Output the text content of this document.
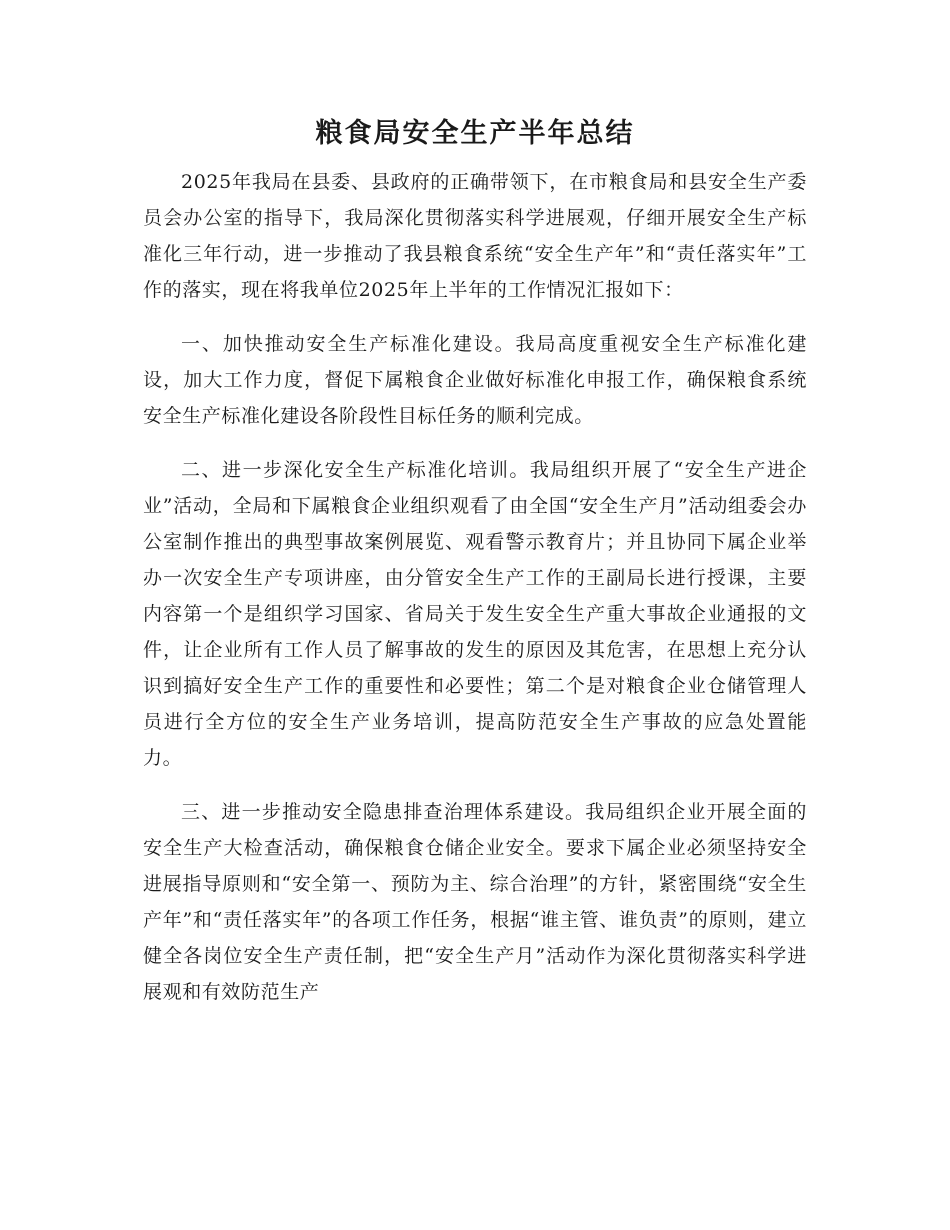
粮食局安全生产半年总结

2025年我局在县委、县政府的正确带领下，在市粮食局和县安全生产委员会办公室的指导下，我局深化贯彻落实科学进展观，仔细开展安全生产标准化三年行动，进一步推动了我县粮食系统“安全生产年”和“责任落实年”工作的落实，现在将我单位2025年上半年的工作情况汇报如下：

一、加快推动安全生产标准化建设。我局高度重视安全生产标准化建设，加大工作力度，督促下属粮食企业做好标准化申报工作，确保粮食系统安全生产标准化建设各阶段性目标任务的顺利完成。

二、进一步深化安全生产标准化培训。我局组织开展了“安全生产进企业”活动，全局和下属粮食企业组织观看了由全国“安全生产月”活动组委会办公室制作推出的典型事故案例展览、观看警示教育片；并且协同下属企业举办一次安全生产专项讲座，由分管安全生产工作的王副局长进行授课，主要内容第一个是组织学习国家、省局关于发生安全生产重大事故企业通报的文件，让企业所有工作人员了解事故的发生的原因及其危害，在思想上充分认识到搞好安全生产工作的重要性和必要性；第二个是对粮食企业仓储管理人员进行全方位的安全生产业务培训，提高防范安全生产事故的应急处置能力。

三、进一步推动安全隐患排查治理体系建设。我局组织企业开展全面的安全生产大检查活动，确保粮食仓储企业安全。要求下属企业必须坚持安全进展指导原则和“安全第一、预防为主、综合治理”的方针，紧密围绕“安全生产年”和“责任落实年”的各项工作任务，根据“谁主管、谁负责”的原则，建立健全各岗位安全生产责任制，把“安全生产月”活动作为深化贯彻落实科学进展观和有效防范生产
